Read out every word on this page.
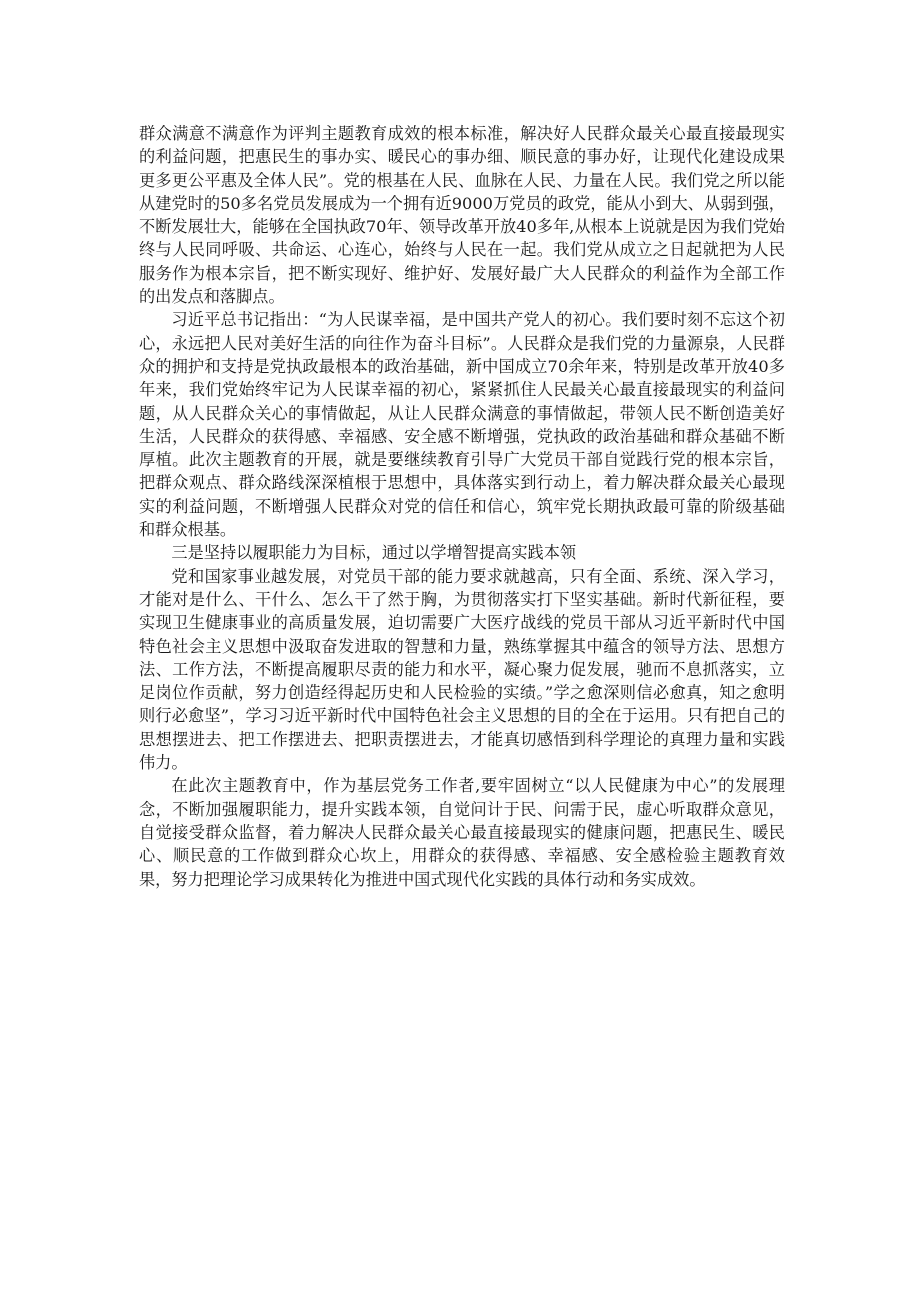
群众满意不满意作为评判主题教育成效的根本标准，解决好人民群众最关心最直接最现实的利益问题，把惠民生的事办实、暖民心的事办细、顺民意的事办好，让现代化建设成果更多更公平惠及全体人民”。党的根基在人民、血脉在人民、力量在人民。我们党之所以能从建党时的50多名党员发展成为一个拥有近9000万党员的政党，能从小到大、从弱到强，不断发展壮大，能够在全国执政70年、领导改革开放40多年,从根本上说就是因为我们党始终与人民同呼吸、共命运、心连心，始终与人民在一起。我们党从成立之日起就把为人民服务作为根本宗旨，把不断实现好、维护好、发展好最广大人民群众的利益作为全部工作的出发点和落脚点。

习近平总书记指出：“为人民谋幸福，是中国共产党人的初心。我们要时刻不忘这个初心，永远把人民对美好生活的向往作为奋斗目标”。人民群众是我们党的力量源泉，人民群众的拥护和支持是党执政最根本的政治基础，新中国成立70余年来，特别是改革开放40多年来，我们党始终牢记为人民谋幸福的初心，紧紧抓住人民最关心最直接最现实的利益问题，从人民群众关心的事情做起，从让人民群众满意的事情做起，带领人民不断创造美好生活，人民群众的获得感、幸福感、安全感不断增强，党执政的政治基础和群众基础不断厚植。此次主题教育的开展，就是要继续教育引导广大党员干部自觉践行党的根本宗旨，把群众观点、群众路线深深植根于思想中，具体落实到行动上，着力解决群众最关心最现实的利益问题，不断增强人民群众对党的信任和信心，筑牢党长期执政最可靠的阶级基础和群众根基。

三是坚持以履职能力为目标，通过以学增智提高实践本领

党和国家事业越发展，对党员干部的能力要求就越高，只有全面、系统、深入学习，才能对是什么、干什么、怎么干了然于胸，为贯彻落实打下坚实基础。新时代新征程，要实现卫生健康事业的高质量发展，迫切需要广大医疗战线的党员干部从习近平新时代中国特色社会主义思想中汲取奋发进取的智慧和力量，熟练掌握其中蕴含的领导方法、思想方法、工作方法，不断提高履职尽责的能力和水平，凝心聚力促发展，驰而不息抓落实，立足岗位作贡献，努力创造经得起历史和人民检验的实绩。”学之愈深则信必愈真，知之愈明则行必愈坚”，学习习近平新时代中国特色社会主义思想的目的全在于运用。只有把自己的思想摆进去、把工作摆进去、把职责摆进去，才能真切感悟到科学理论的真理力量和实践伟力。

在此次主题教育中，作为基层党务工作者,要牢固树立“以人民健康为中心”的发展理念，不断加强履职能力，提升实践本领，自觉问计于民、问需于民，虚心听取群众意见，自觉接受群众监督，着力解决人民群众最关心最直接最现实的健康问题，把惠民生、暖民心、顺民意的工作做到群众心坎上，用群众的获得感、幸福感、安全感检验主题教育效果，努力把理论学习成果转化为推进中国式现代化实践的具体行动和务实成效。
